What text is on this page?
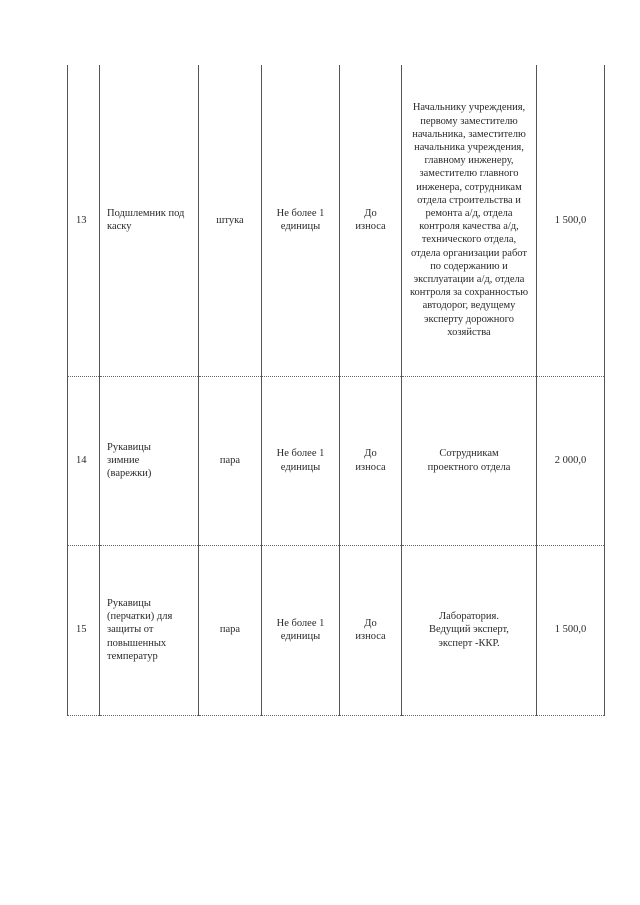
13	Подшлемник под каску	штука	Не более 1 единицы	До износа	Начальнику учреждения, первому заместителю начальника, заместителю начальника учреждения, главному инженеру, заместителю главного инженера, сотрудникам отдела строительства и ремонта а/д, отдела контроля качества а/д, технического отдела, отдела организации работ по содержанию и эксплуатации а/д, отдела контроля за сохранностью автодорог, ведущему эксперту дорожного хозяйства	1 500,0
14	Рукавицы зимние (варежки)	пара	Не более 1 единицы	До износа	Сотрудникам проектного отдела	2 000,0
15	Рукавицы (перчатки) для защиты от повышенных температур	пара	Не более 1 единицы	До износа	Лаборатория. Ведущий эксперт, эксперт -ККР.	1 500,0
